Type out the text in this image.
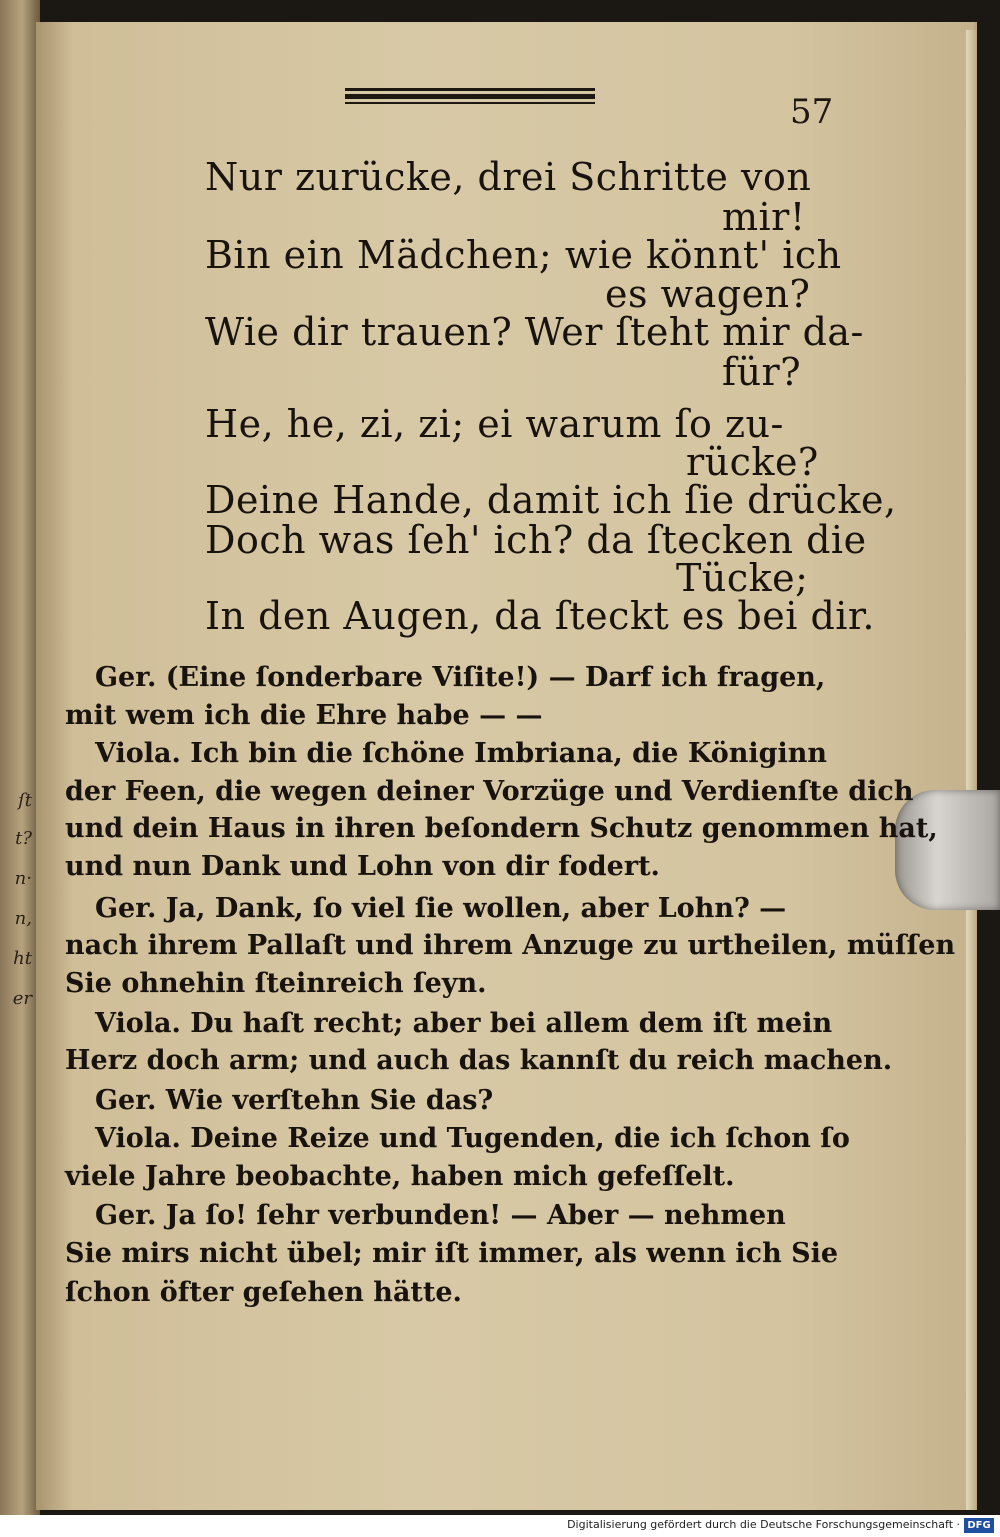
ſt
t?
n·
n,
ht
er
57
Nur zurücke, drei Schritte von
mir!
Bin ein Mädchen; wie könnt' ich
es wagen?
Wie dir trauen? Wer ſteht mir da-
für?
He, he, zi, zi; ei warum ſo zu-
rücke?
Deine Hande, damit ich ſie drücke,
Doch was ſeh' ich? da ſtecken die
Tücke;
In den Augen, da ſteckt es bei dir.
Ger. (Eine ſonderbare Viſite!) — Darf ich fragen,
mit wem ich die Ehre habe — —
Viola. Ich bin die ſchöne Imbriana, die Königinn
der Feen, die wegen deiner Vorzüge und Verdienſte dich
und dein Haus in ihren beſondern Schutz genommen hat,
und nun Dank und Lohn von dir fodert.
Ger. Ja, Dank, ſo viel ſie wollen, aber Lohn? —
nach ihrem Pallaſt und ihrem Anzuge zu urtheilen, müſſen
Sie ohnehin ſteinreich ſeyn.
Viola. Du haſt recht; aber bei allem dem iſt mein
Herz doch arm; und auch das kannſt du reich machen.
Ger. Wie verſtehn Sie das?
Viola. Deine Reize und Tugenden, die ich ſchon ſo
viele Jahre beobachte, haben mich gefeſſelt.
Ger. Ja ſo! ſehr verbunden! — Aber — nehmen
Sie mirs nicht übel; mir iſt immer, als wenn ich Sie
ſchon öfter geſehen hätte.
Digitalisierung gefördert durch die Deutsche Forschungsgemeinschaft · DFG
